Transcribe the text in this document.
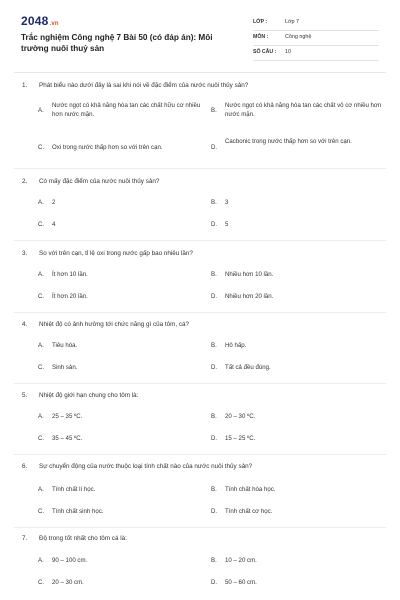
2048.vn
Trắc nghiệm Công nghệ 7 Bài 50 (có đáp án): Môi trường nuôi thuỷ sản
LỚP :	Lớp 7
MÔN :	Công nghệ
SỐ CÂU : 10
1. Phát biểu nào dưới đây là sai khi nói về đặc điểm của nước nuôi thủy sản?
A.
Nước ngọt có khả năng hòa tan các chất hữu cơ nhiều hơn nước mặn.
B.
Nước ngọt có khả năng hòa tan các chất vô cơ nhiều hơn nước mặn.
C. Oxi trong nước thấp hơn so với trên cạn.	D.
Cacbonic trong nước thấp hơn so với trên cạn.
2. Có mấy đặc điểm của nước nuôi thủy sản?
A. 2	B. 3
C. 4	D. 5
3. So với trên cạn, tỉ lệ oxi trong nước gấp bao nhiêu lần?
A. Ít hơn 10 lần.	B. Nhiều hơn 10 lần.
C. Ít hơn 20 lần.	D. Nhiều hơn 20 lần.
4. Nhiệt độ có ảnh hưởng tới chức năng gì của tôm, cá?
A. Tiêu hóa.	B. Hô hấp.
C. Sinh sản.	D. Tất cả đều đúng.
5. Nhiệt độ giới hạn chung cho tôm là:
A. 25 – 35 ºC.	B. 20 – 30 ºC.
C. 35 – 45 ºC.	D. 15 – 25 ºC.
6. Sự chuyển động của nước thuộc loại tính chất nào của nước nuôi thủy sản?
A. Tính chất lí học.	B. Tính chất hóa học.
C. Tính chất sinh học.	D. Tính chất cơ học.
7. Độ trong tốt nhất cho tôm cá là:
A. 90 – 100 cm.	B. 10 – 20 cm.
C. 20 – 30 cm.	D. 50 – 60 cm.
